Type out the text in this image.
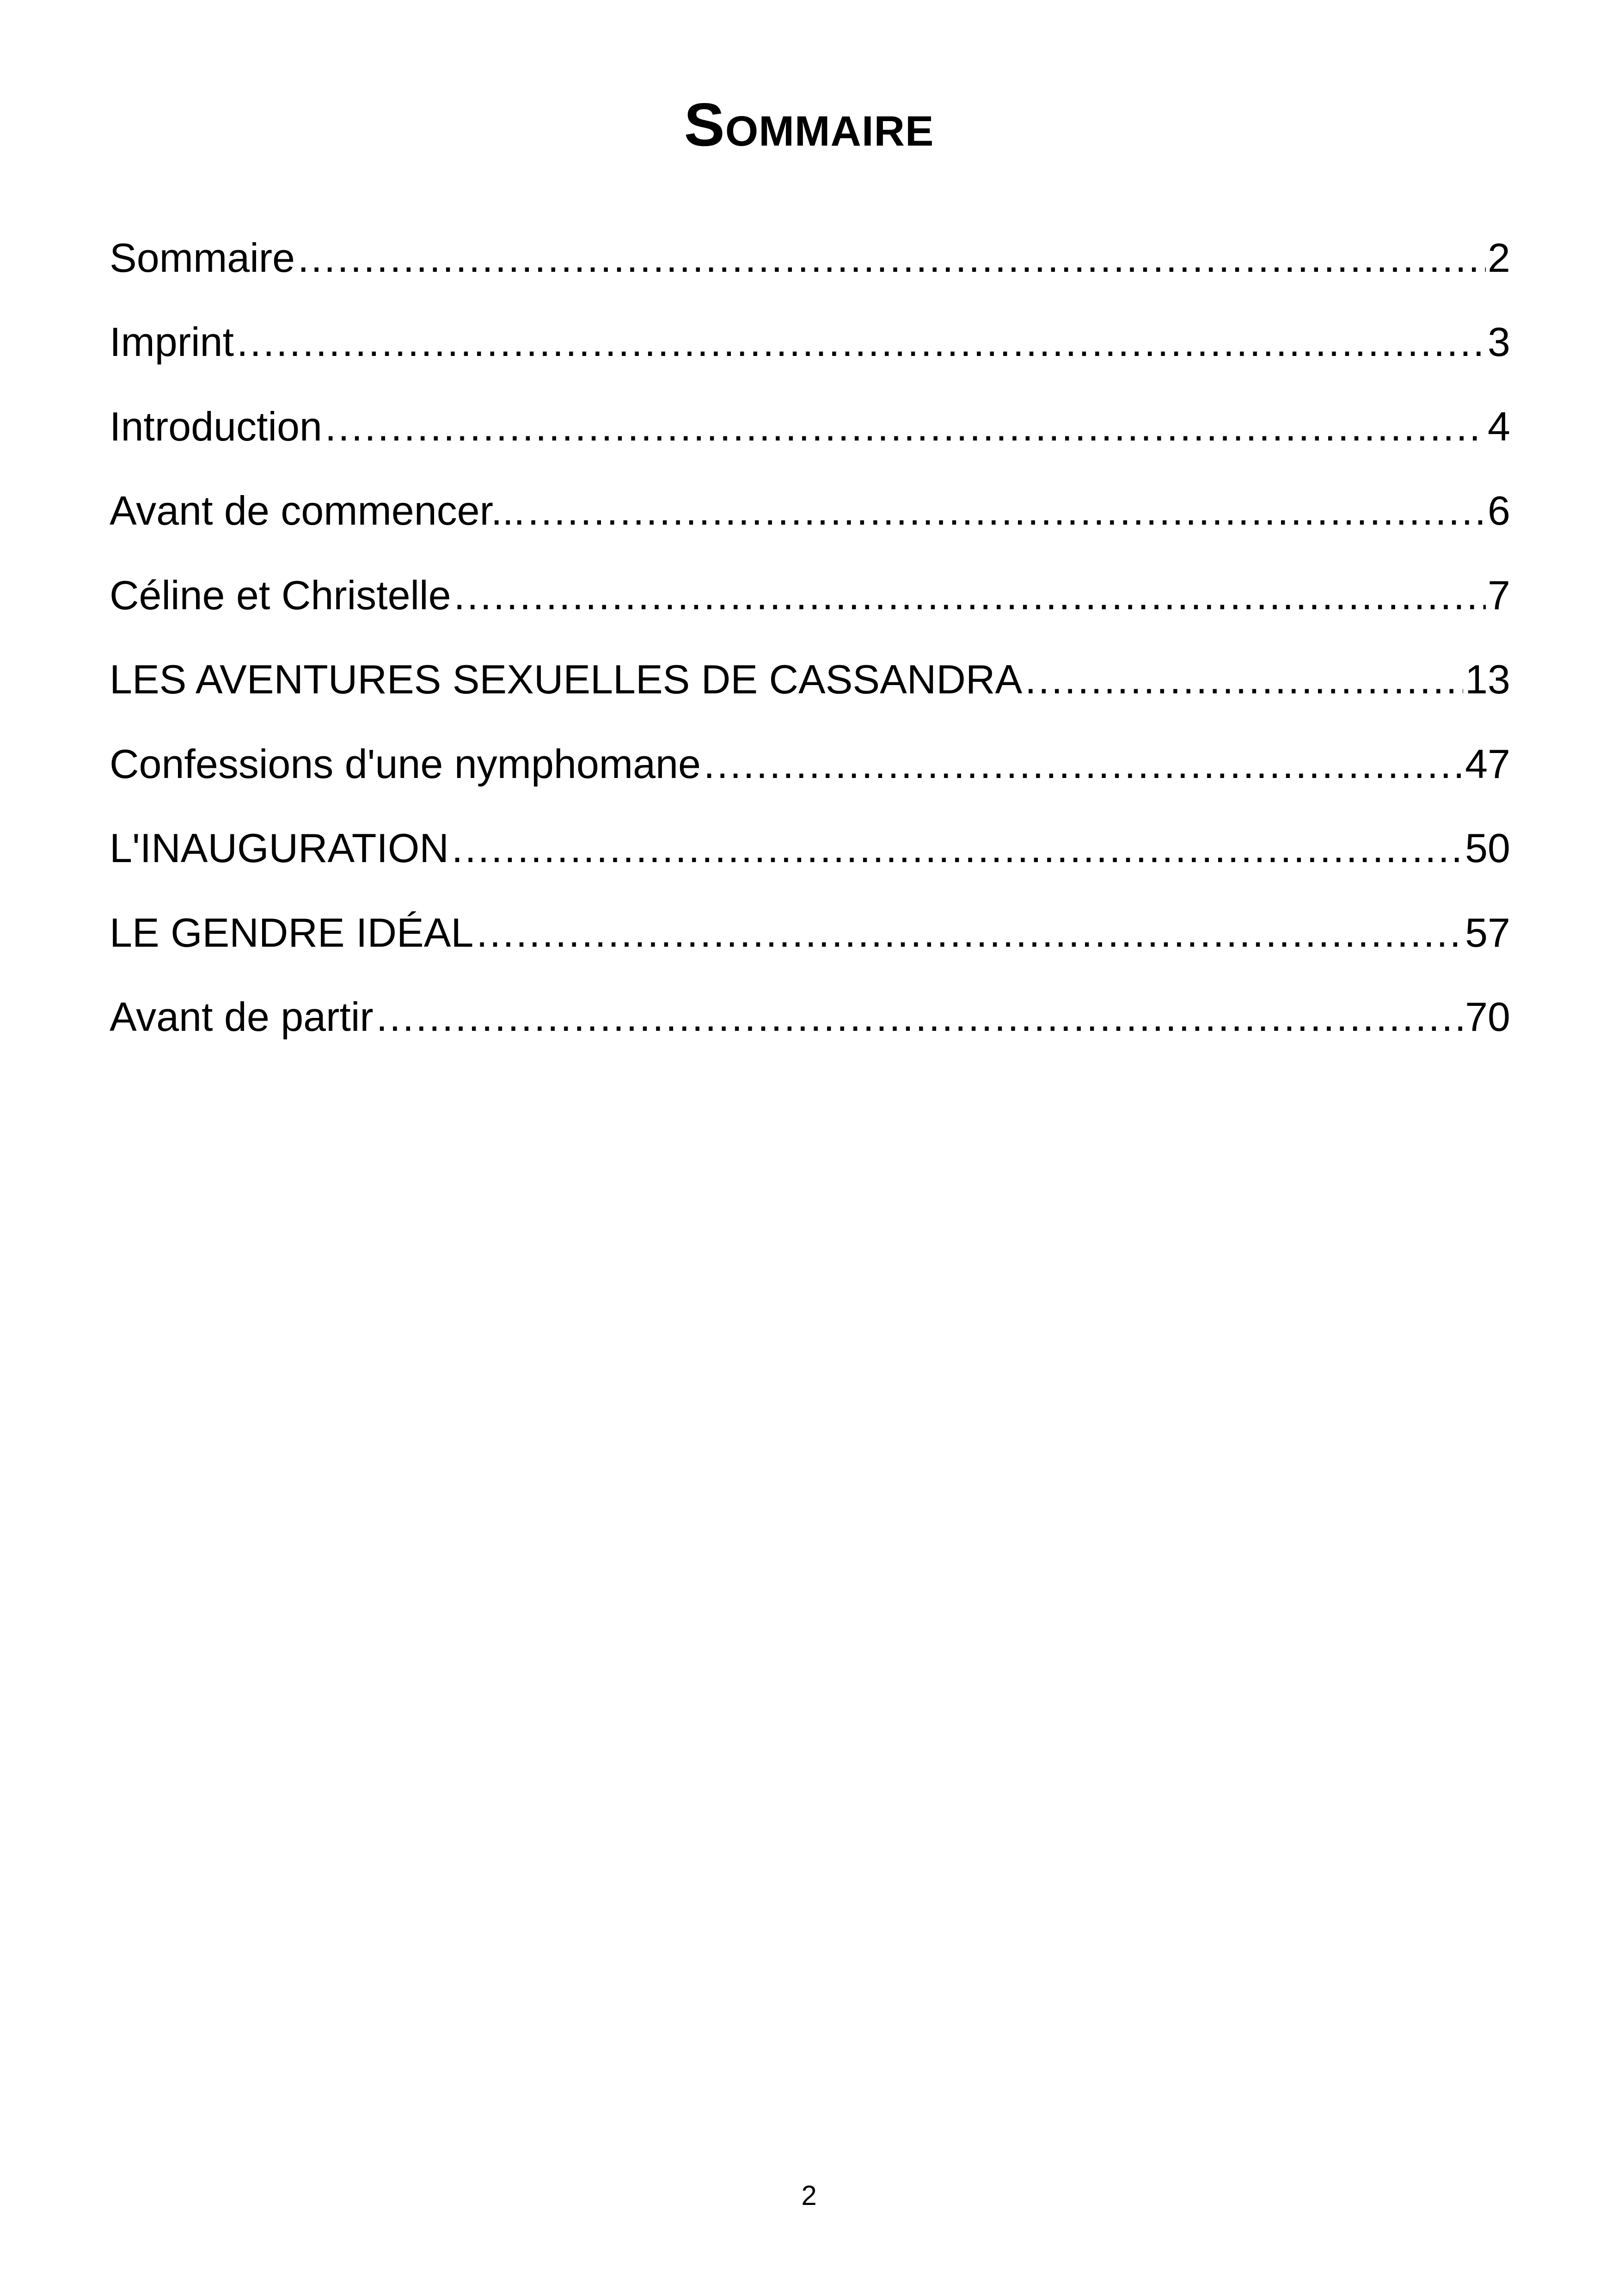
Sommaire
Sommaire .....	2
Imprint .....	3
Introduction .....	4
Avant de commencer... .....	6
Céline et Christelle .....	7
LES AVENTURES SEXUELLES DE CASSANDRA .....	13
Confessions d'une nymphomane .....	47
L'INAUGURATION .....	50
LE GENDRE IDÉAL .....	57
Avant de partir .....	70
2
